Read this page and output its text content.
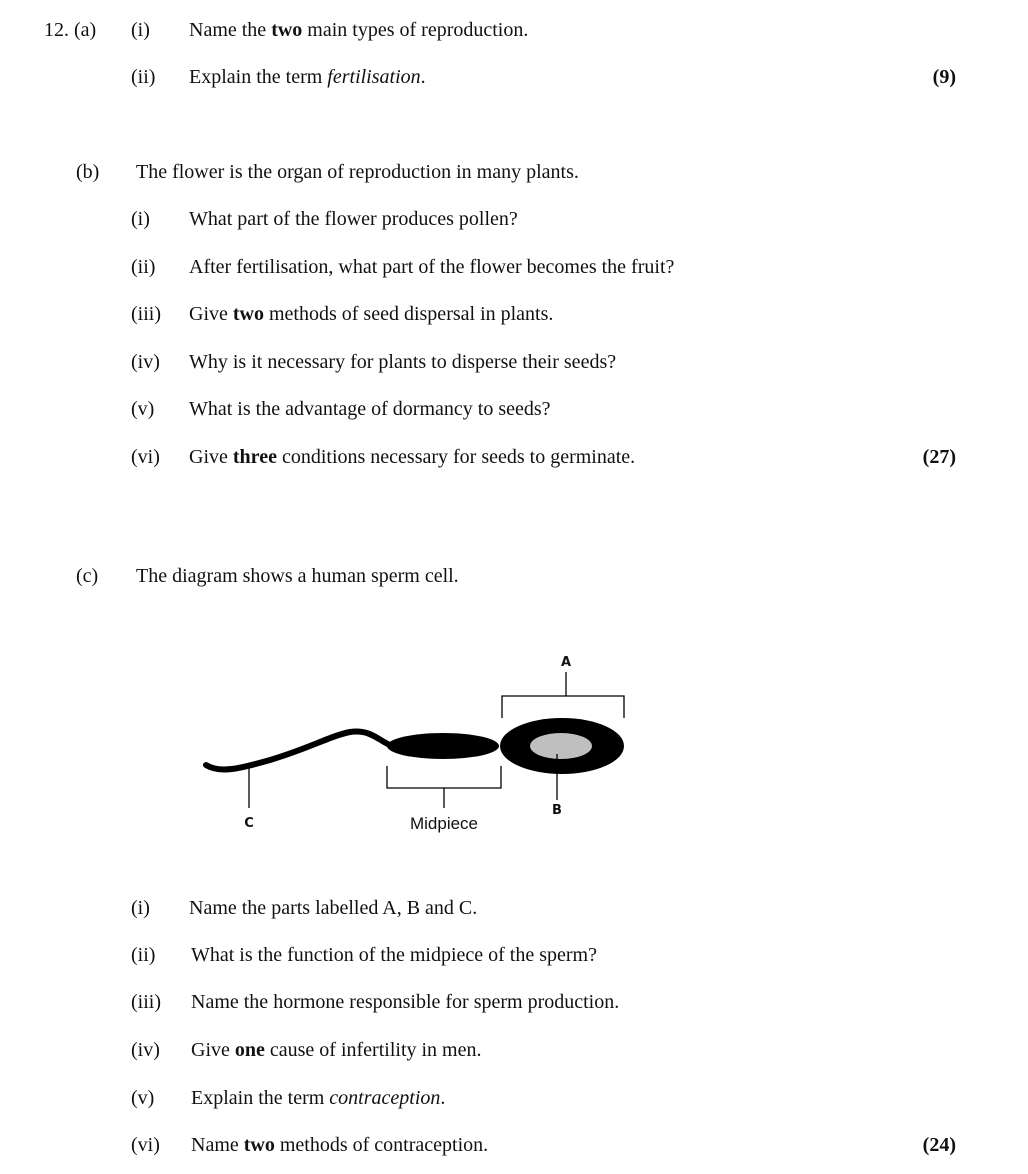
12. (a) (i) Name the two main types of reproduction.
(ii) Explain the term fertilisation.	(9)
(b) The flower is the organ of reproduction in many plants.
(i) What part of the flower produces pollen?
(ii) After fertilisation, what part of the flower becomes the fruit?
(iii) Give two methods of seed dispersal in plants.
(iv) Why is it necessary for plants to disperse their seeds?
(v) What is the advantage of dormancy to seeds?
(vi) Give three conditions necessary for seeds to germinate.	(27)
(c) The diagram shows a human sperm cell.
A
B
C	Midpiece
(i) Name the parts labelled A, B and C.
(ii) What is the function of the midpiece of the sperm?
(iii) Name the hormone responsible for sperm production.
(iv) Give one cause of infertility in men.
(v) Explain the term contraception.
(vi) Name two methods of contraception.	(24)
